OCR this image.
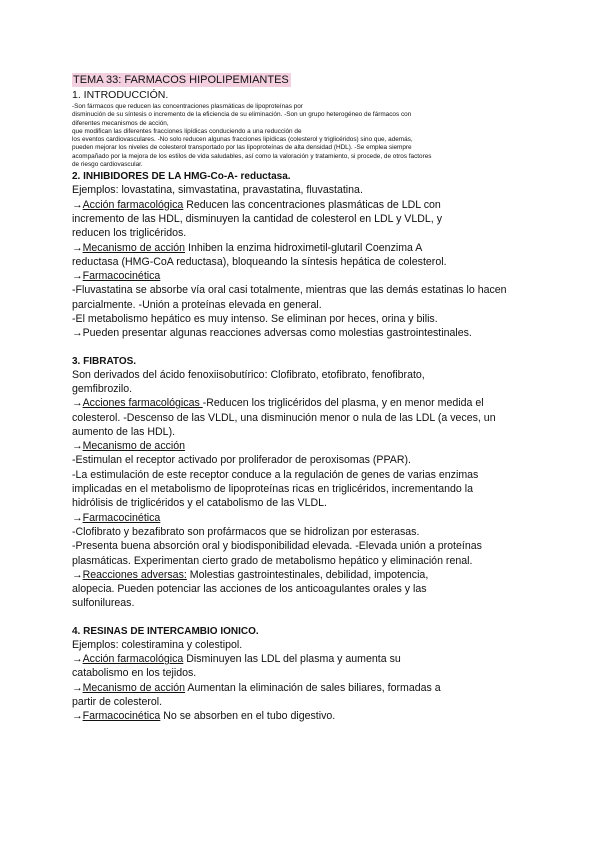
TEMA 33: FARMACOS HIPOLIPEMIANTES
1. INTRODUCCIÓN.
-Son fármacos que reducen las concentraciones plasmáticas de lipoproteínas por
disminución de su síntesis o incremento de la eficiencia de su eliminación. -Son un grupo heterogéneo de fármacos con
diferentes mecanismos de acción,
que modifican las diferentes fracciones lipídicas conduciendo a una reducción de
los eventos cardiovasculares. -No solo reducen algunas fracciones lipídicas (colesterol y triglicéridos) sino que, además,
pueden mejorar los niveles de colesterol transportado por las lipoproteínas de alta densidad (HDL). -Se emplea siempre
acompañado por la mejora de los estilos de vida saludables, así como la valoración y tratamiento, si procede, de otros factores
de riesgo cardiovascular.
2. INHIBIDORES DE LA HMG-Co-A- reductasa.

Ejemplos: lovastatina, simvastatina, pravastatina, fluvastatina.

→Acción farmacológica Reducen las concentraciones plasmáticas de LDL con

incremento de las HDL, disminuyen la cantidad de colesterol en LDL y VLDL, y

reducen los triglicéridos.

→Mecanismo de acción Inhiben la enzima hidroximetil-glutaril Coenzima A

reductasa (HMG-CoA reductasa), bloqueando la síntesis hepática de colesterol.

→Farmacocinética

-Fluvastatina se absorbe vía oral casi totalmente, mientras que las demás estatinas lo hacen

parcialmente. -Unión a proteínas elevada en general.

-El metabolismo hepático es muy intenso. Se eliminan por heces, orina y bilis.

→Pueden presentar algunas reacciones adversas como molestias gastrointestinales.

3. FIBRATOS.

Son derivados del ácido fenoxiisobutírico: Clofibrato, etofibrato, fenofibrato,

gemfibrozilo.

→Acciones farmacológicas -Reducen los triglicéridos del plasma, y en menor medida el

colesterol. -Descenso de las VLDL, una disminución menor o nula de las LDL (a veces, un

aumento de las HDL).

→Mecanismo de acción

-Estimulan el receptor activado por proliferador de peroxisomas (PPAR).

-La estimulación de este receptor conduce a la regulación de genes de varias enzimas

implicadas en el metabolismo de lipoproteínas ricas en triglicéridos, incrementando la

hidrólisis de triglicéridos y el catabolismo de las VLDL.

→Farmacocinética

-Clofibrato y bezafibrato son profármacos que se hidrolizan por esterasas.

-Presenta buena absorción oral y biodisponibilidad elevada. -Elevada unión a proteínas

plasmáticas. Experimentan cierto grado de metabolismo hepático y eliminación renal.

→Reacciones adversas: Molestias gastrointestinales, debilidad, impotencia,

alopecia. Pueden potenciar las acciones de los anticoagulantes orales y las

sulfonilureas.

4. RESINAS DE INTERCAMBIO IONICO.

Ejemplos: colestiramina y colestipol.

→Acción farmacológica Disminuyen las LDL del plasma y aumenta su

catabolismo en los tejidos.

→Mecanismo de acción Aumentan la eliminación de sales biliares, formadas a

partir de colesterol.

→Farmacocinética No se absorben en el tubo digestivo.
